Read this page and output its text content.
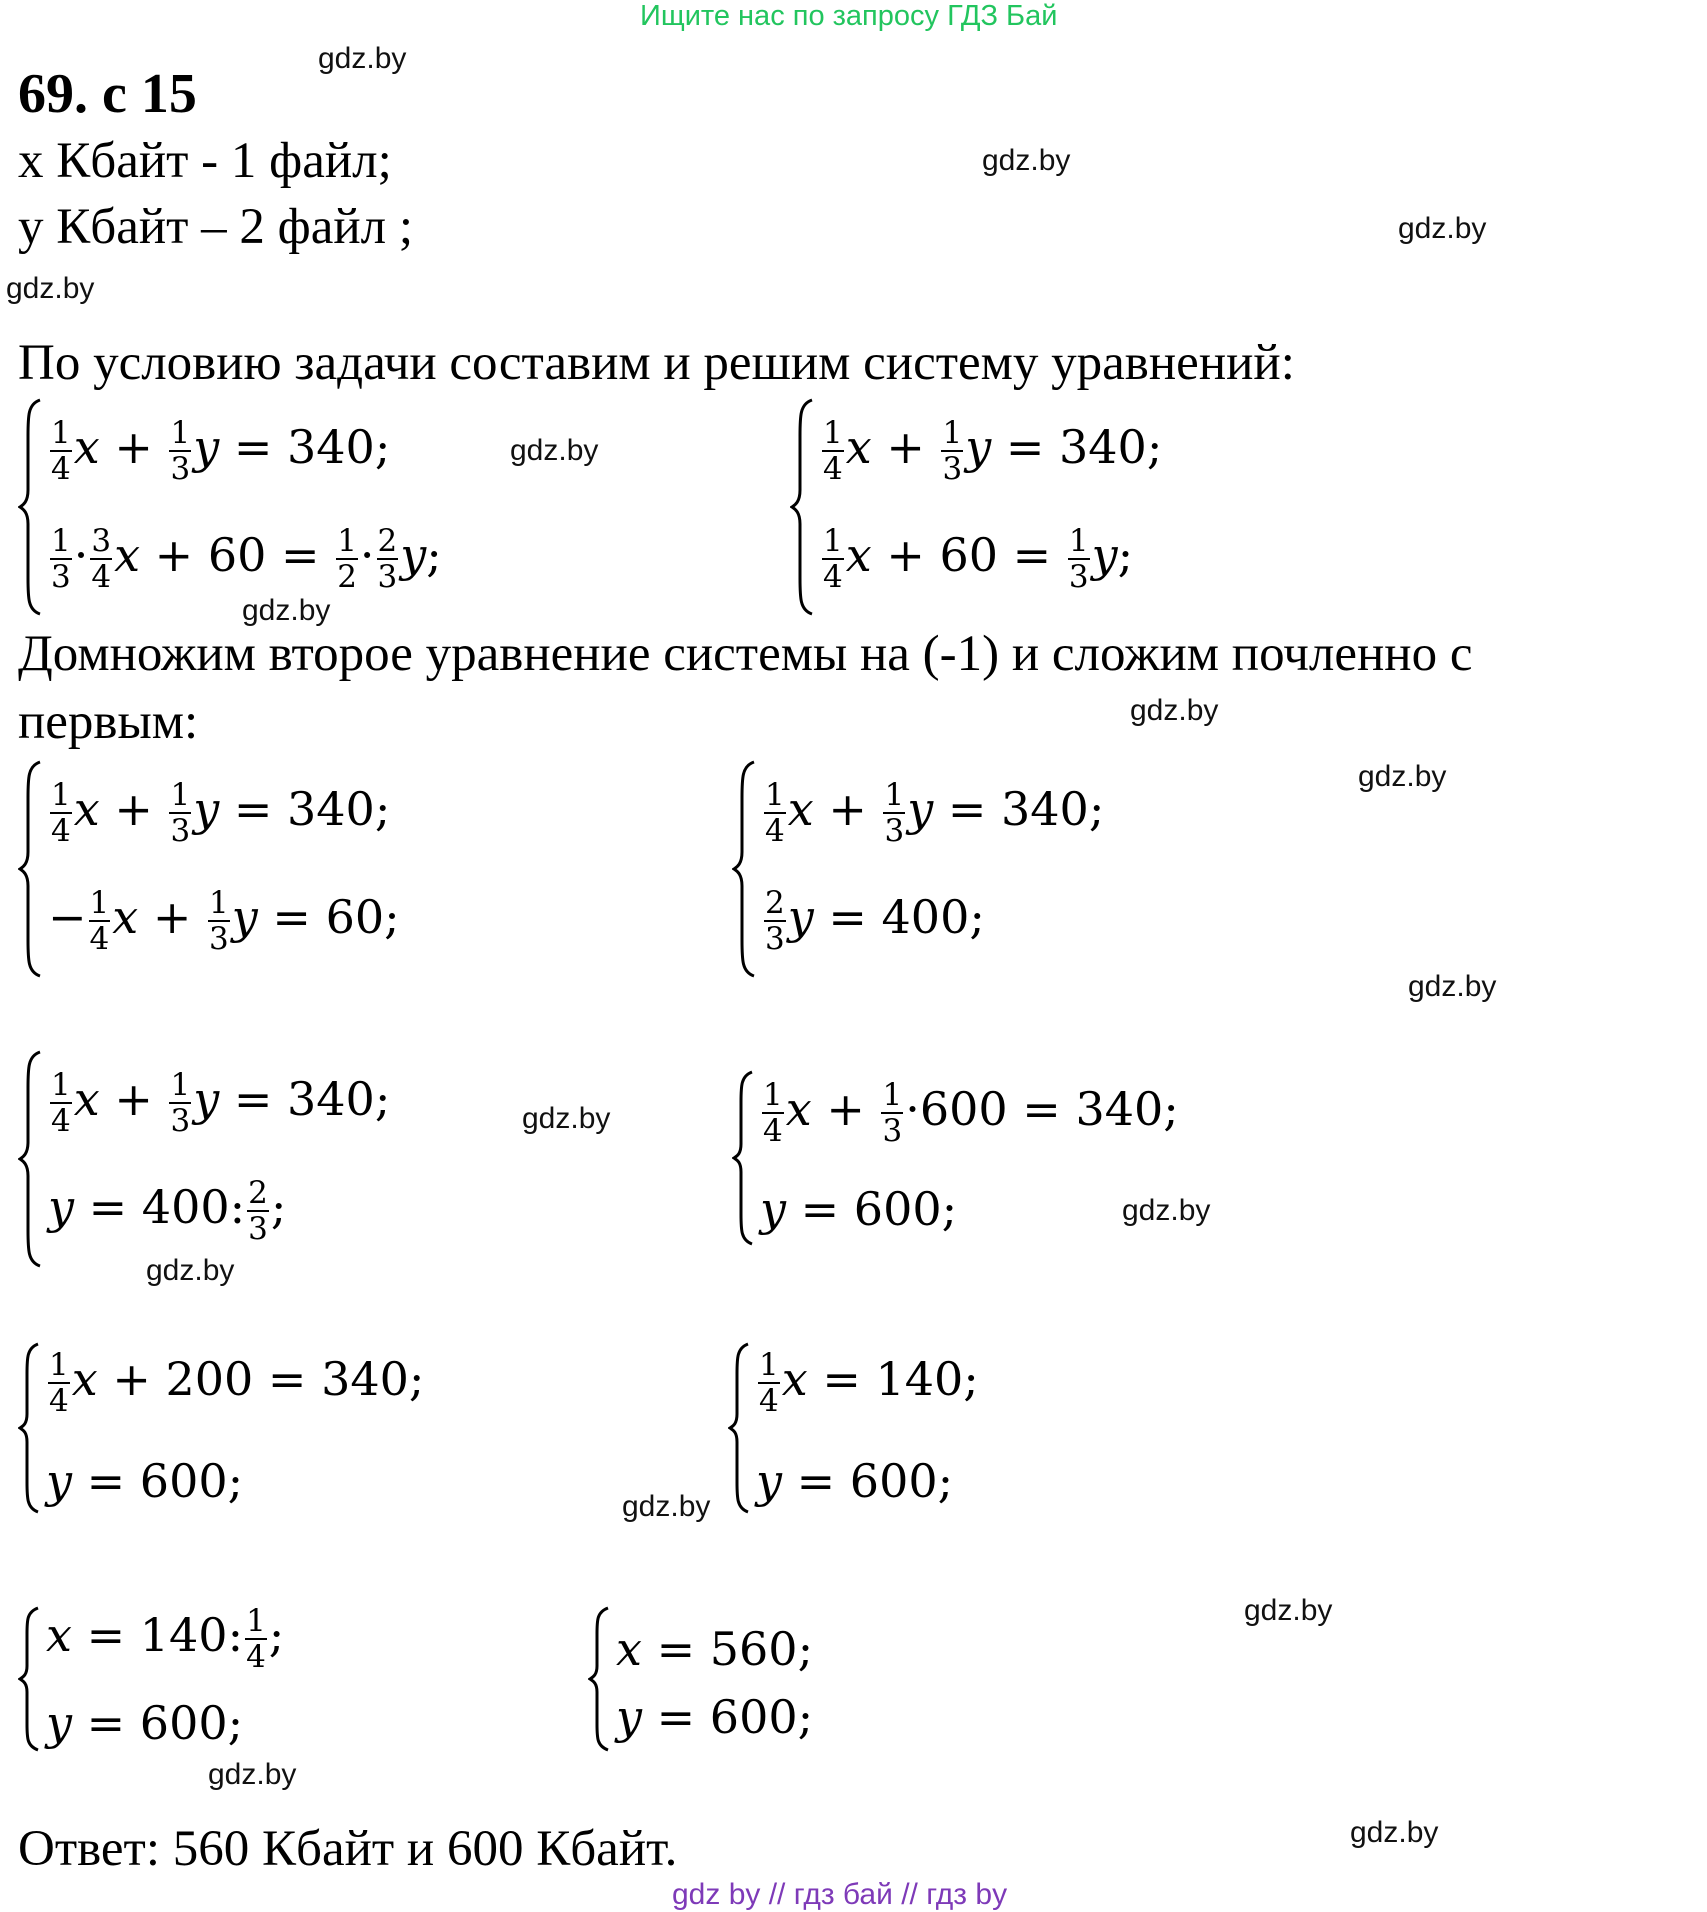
Ищите нас по запросу ГДЗ Бай
69. с 15
x Кбайт - 1 файл;
у Кбайт – 2 файл ;
По условию задачи составим и решим систему уравнений:
Домножим второе уравнение системы на (-1) и сложим почленно с
первым:
Ответ: 560 Кбайт и 600 Кбайт.
$\frac{1}{4}$ $x + \frac{1}{3}$ y = 340;
$\frac{1}{3} \cdot \frac{3}{4}$ $x + 60 = \frac{1}{2} \cdot \frac{2}{3} y$;
$\frac{1}{4}$ $x + \frac{1}{3}$ y = 340;
$\frac{1}{4}$ $x + 60 = \frac{1}{3} y$;
$\frac{1}{4}$ $x + \frac{1}{3}$ y = 340;
− $\frac{1}{4}$ $x + \frac{1}{3}$ y = 60;
$\frac{1}{4}$ $x + \frac{1}{3}$ y = 340;
$\frac{2}{3}$ y = 400;
$\frac{1}{4}$ $x + \frac{1}{3}$ y = 340;
y = 400: $\frac{2}{3}$ ;
$\frac{1}{4}$ $x + \frac{1}{3} \cdot 600 = 340$;
y = 600;
$\frac{1}{4}$ x + 200 = 340;
y = 600;
$\frac{1}{4}$ x = 140;
y = 600;
x = 140: $\frac{1}{4}$ ;
y = 600;
x = 560;
y = 600;
gdz.by
gdz.by
gdz.by
gdz.by
gdz.by
gdz.by
gdz.by
gdz.by
gdz.by
gdz.by
gdz.by
gdz.by
gdz.by
gdz.by
gdz.by
gdz.by
gdz by // гдз бай // гдз by
